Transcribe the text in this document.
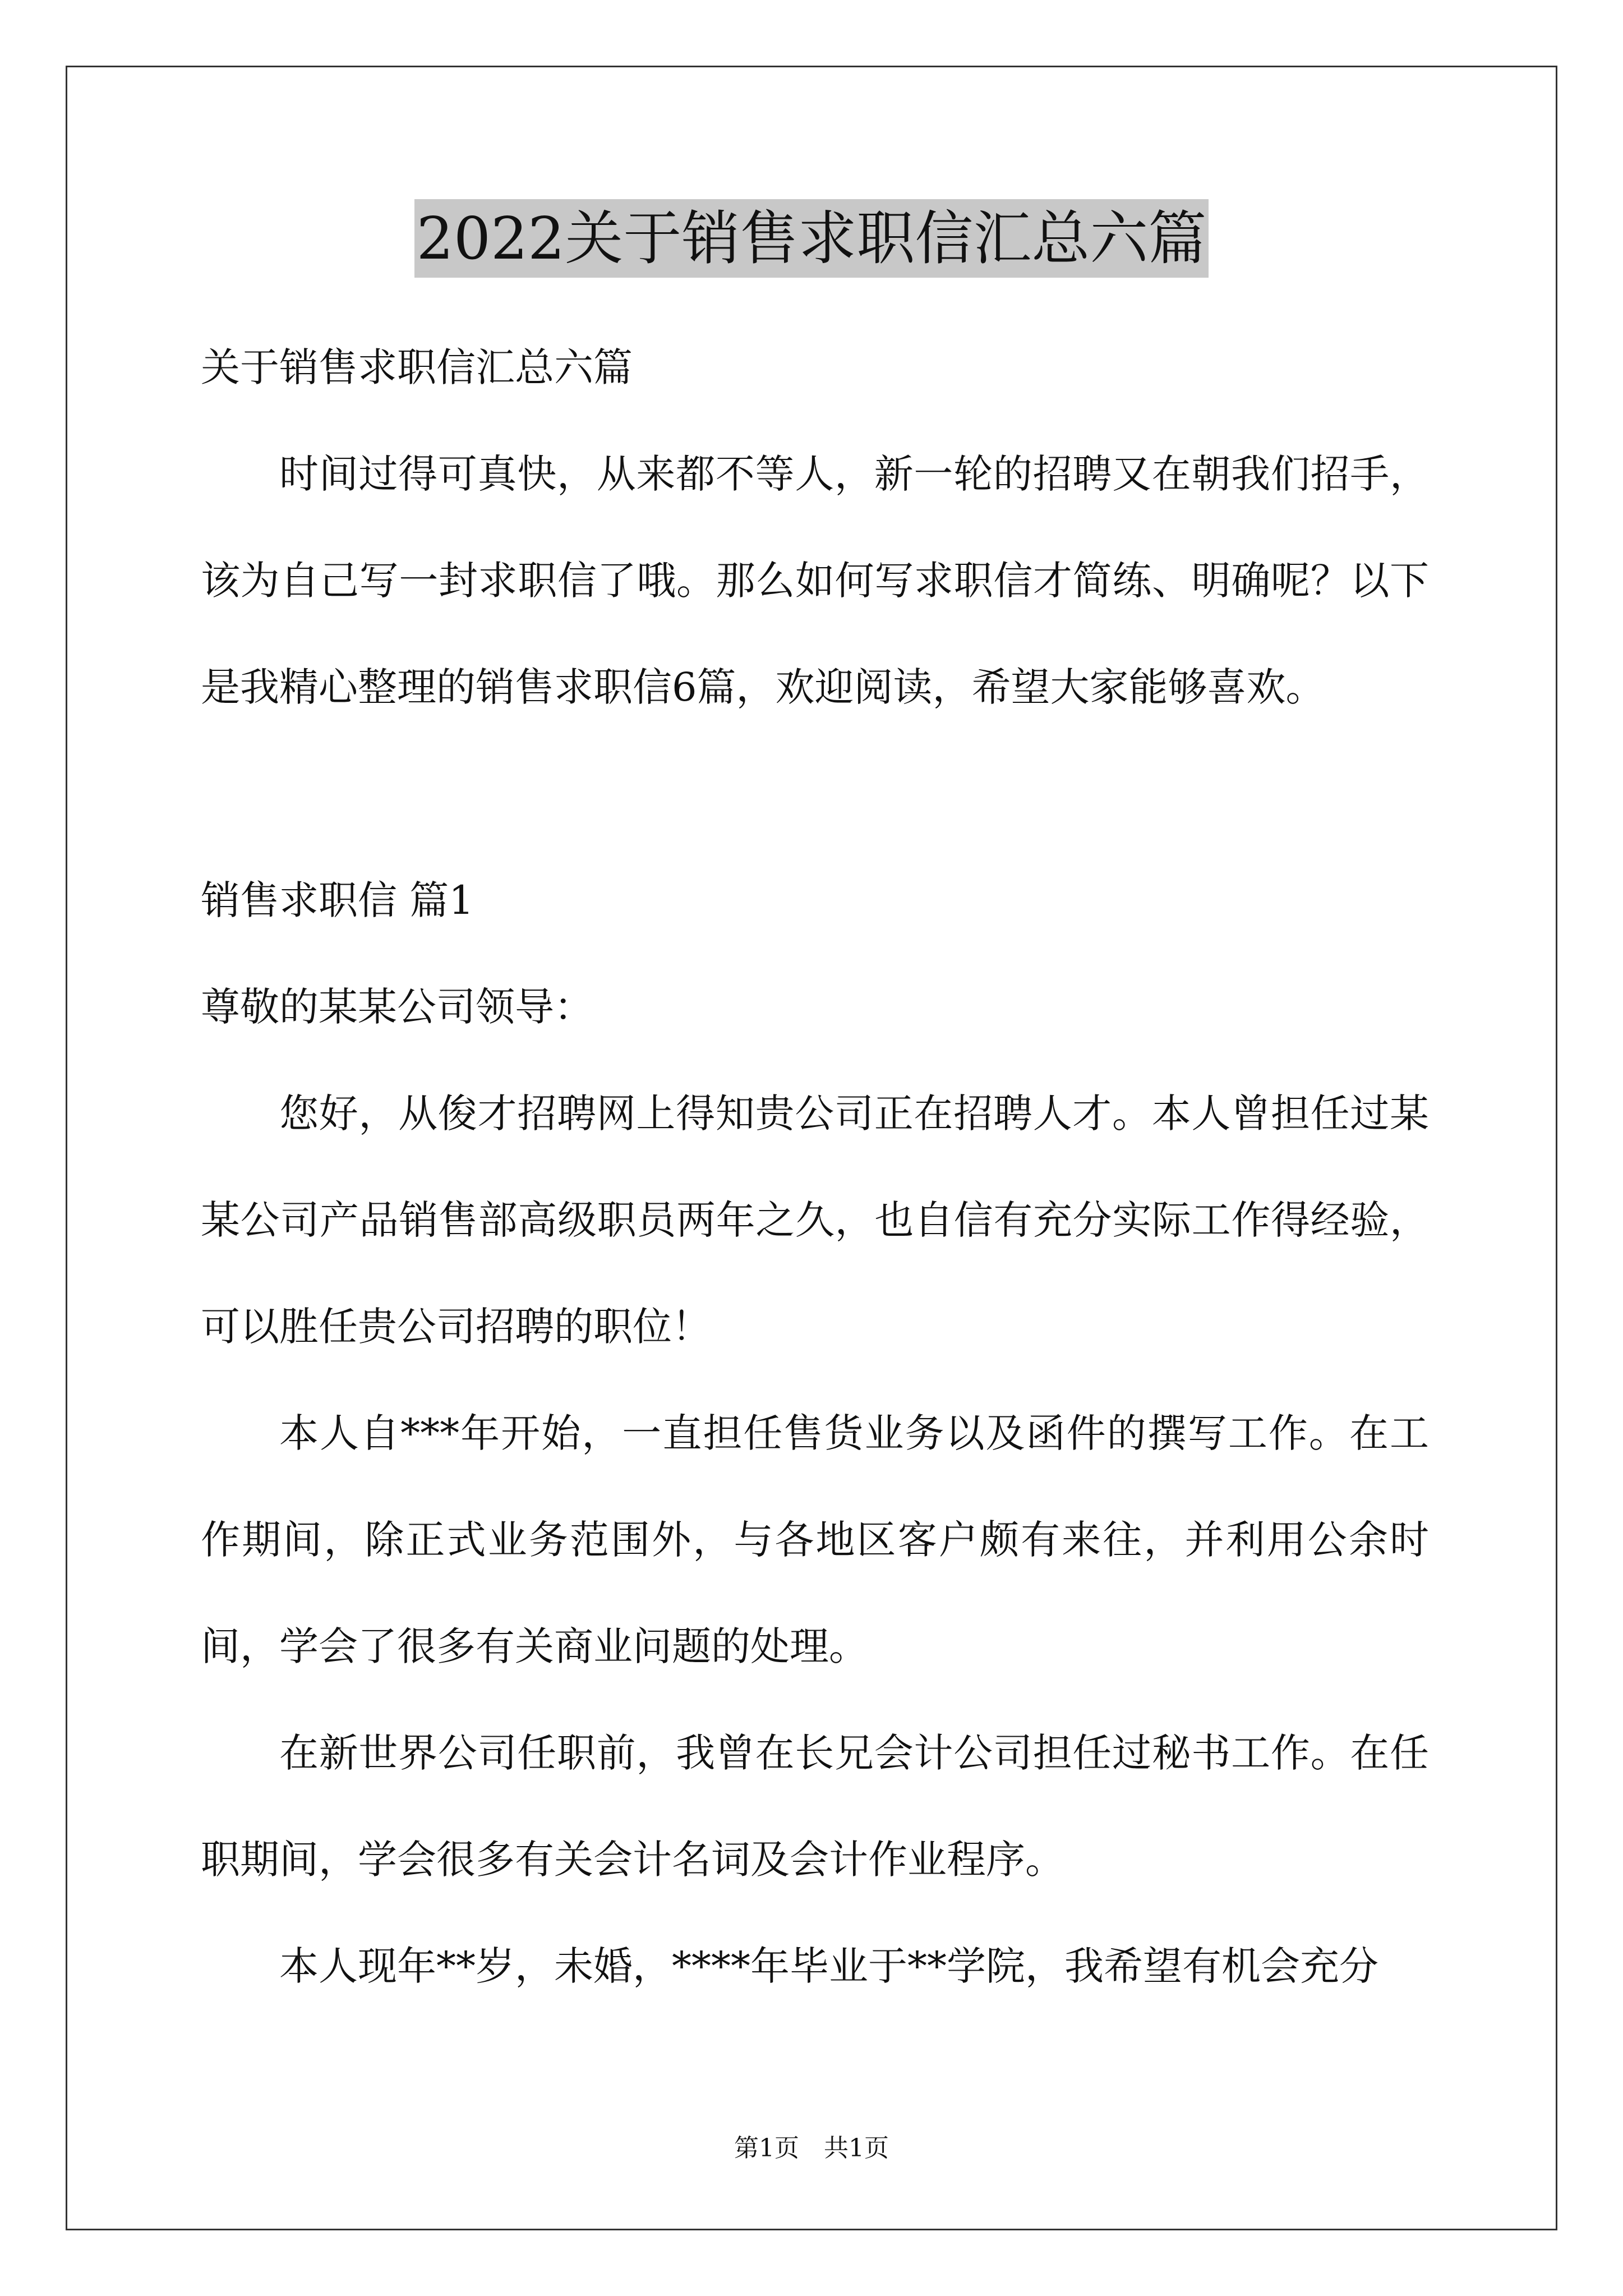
2022关于销售求职信汇总六篇

关于销售求职信汇总六篇

时间过得可真快，从来都不等人，新一轮的招聘又在朝我们招手，该为自己写一封求职信了哦。那么如何写求职信才简练、明确呢？以下是我精心整理的销售求职信6篇，欢迎阅读，希望大家能够喜欢。

销售求职信 篇1

尊敬的某某公司领导：

您好，从俊才招聘网上得知贵公司正在招聘人才。本人曾担任过某某公司产品销售部高级职员两年之久，也自信有充分实际工作得经验，可以胜任贵公司招聘的职位！

本人自***年开始，一直担任售货业务以及函件的撰写工作。在工作期间，除正式业务范围外，与各地区客户颇有来往，并利用公余时间，学会了很多有关商业问题的处理。

在新世界公司任职前，我曾在长兄会计公司担任过秘书工作。在任职期间，学会很多有关会计名词及会计作业程序。

本人现年**岁，未婚，****年毕业于**学院，我希望有机会充分

第1页 共1页
